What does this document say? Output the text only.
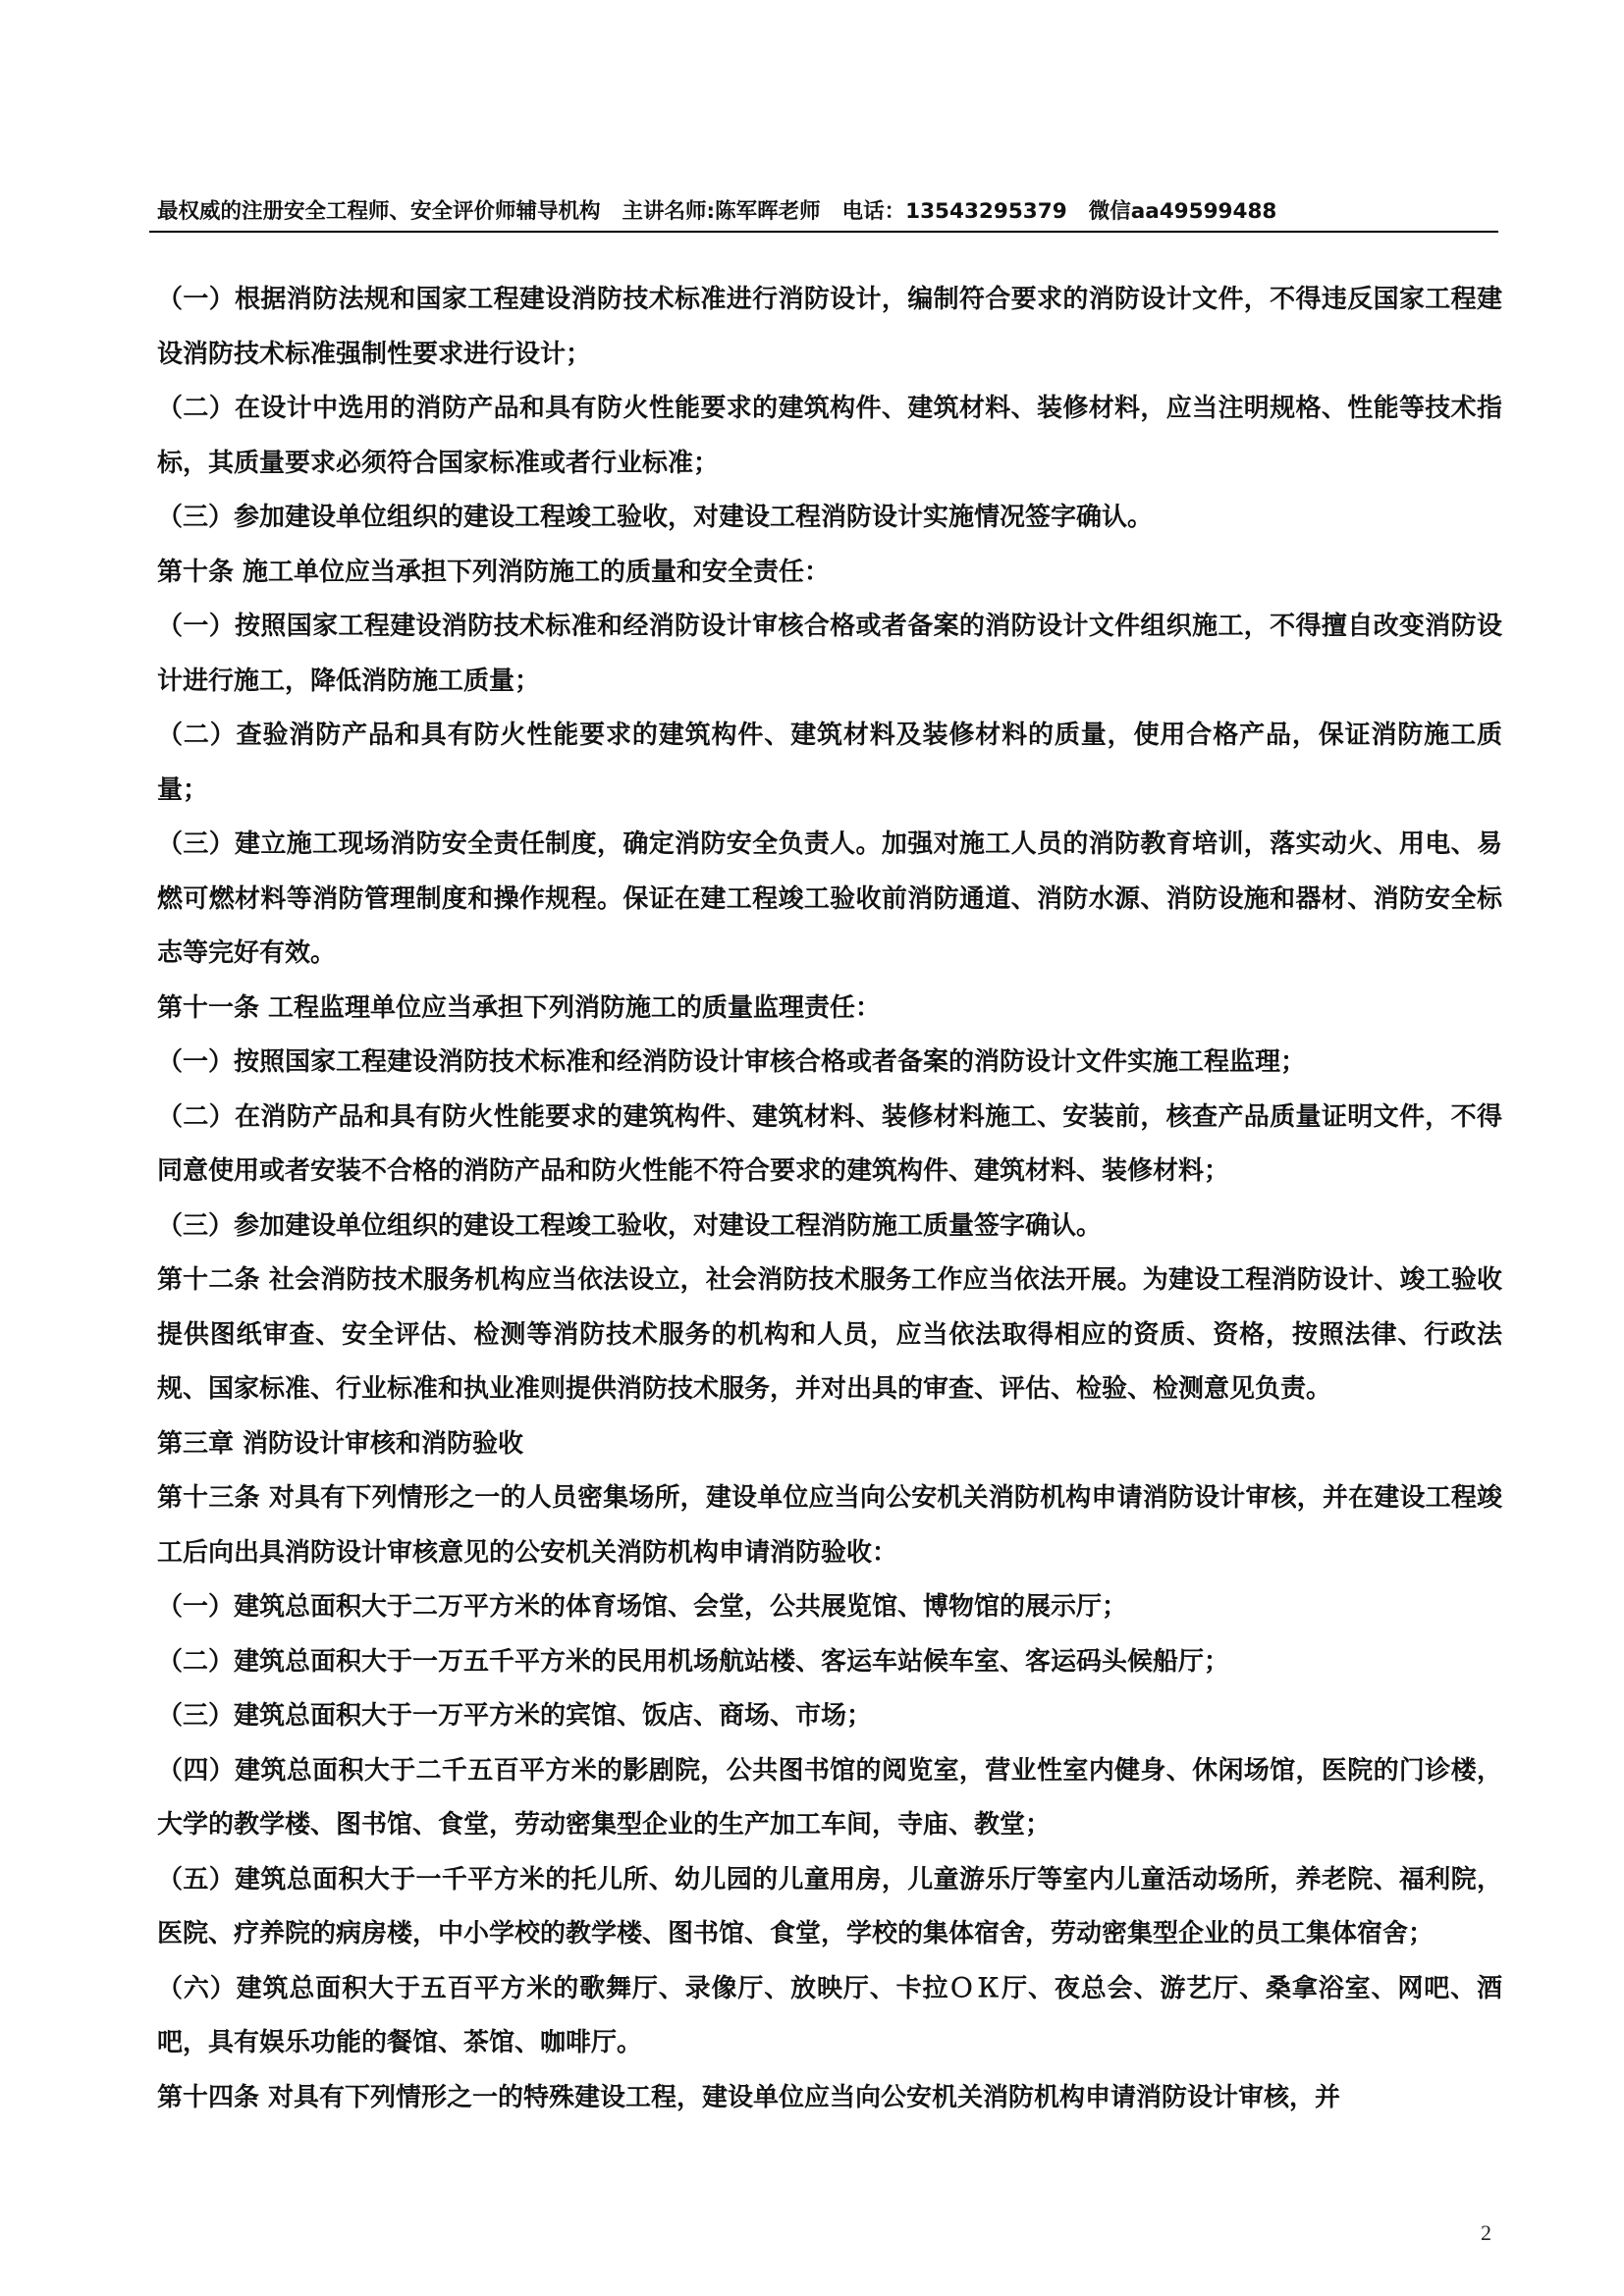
最权威的注册安全工程师、安全评价师辅导机构 主讲名师:陈军晖老师 电话：13543295379 微信aa49599488

（一）根据消防法规和国家工程建设消防技术标准进行消防设计，编制符合要求的消防设计文件，不得违反国家工程建设消防技术标准强制性要求进行设计；

（二）在设计中选用的消防产品和具有防火性能要求的建筑构件、建筑材料、装修材料，应当注明规格、性能等技术指标，其质量要求必须符合国家标准或者行业标准；

（三）参加建设单位组织的建设工程竣工验收，对建设工程消防设计实施情况签字确认。

第十条 施工单位应当承担下列消防施工的质量和安全责任：

（一）按照国家工程建设消防技术标准和经消防设计审核合格或者备案的消防设计文件组织施工，不得擅自改变消防设计进行施工，降低消防施工质量；

（二）查验消防产品和具有防火性能要求的建筑构件、建筑材料及装修材料的质量，使用合格产品，保证消防施工质量；

（三）建立施工现场消防安全责任制度，确定消防安全负责人。加强对施工人员的消防教育培训，落实动火、用电、易燃可燃材料等消防管理制度和操作规程。保证在建工程竣工验收前消防通道、消防水源、消防设施和器材、消防安全标志等完好有效。

第十一条 工程监理单位应当承担下列消防施工的质量监理责任：

（一）按照国家工程建设消防技术标准和经消防设计审核合格或者备案的消防设计文件实施工程监理；

（二）在消防产品和具有防火性能要求的建筑构件、建筑材料、装修材料施工、安装前，核查产品质量证明文件，不得同意使用或者安装不合格的消防产品和防火性能不符合要求的建筑构件、建筑材料、装修材料；

（三）参加建设单位组织的建设工程竣工验收，对建设工程消防施工质量签字确认。

第十二条 社会消防技术服务机构应当依法设立，社会消防技术服务工作应当依法开展。为建设工程消防设计、竣工验收提供图纸审查、安全评估、检测等消防技术服务的机构和人员，应当依法取得相应的资质、资格，按照法律、行政法规、国家标准、行业标准和执业准则提供消防技术服务，并对出具的审查、评估、检验、检测意见负责。

第三章 消防设计审核和消防验收

第十三条 对具有下列情形之一的人员密集场所，建设单位应当向公安机关消防机构申请消防设计审核，并在建设工程竣工后向出具消防设计审核意见的公安机关消防机构申请消防验收：

（一）建筑总面积大于二万平方米的体育场馆、会堂，公共展览馆、博物馆的展示厅；

（二）建筑总面积大于一万五千平方米的民用机场航站楼、客运车站候车室、客运码头候船厅；

（三）建筑总面积大于一万平方米的宾馆、饭店、商场、市场；

（四）建筑总面积大于二千五百平方米的影剧院，公共图书馆的阅览室，营业性室内健身、休闲场馆，医院的门诊楼，大学的教学楼、图书馆、食堂，劳动密集型企业的生产加工车间，寺庙、教堂；

（五）建筑总面积大于一千平方米的托儿所、幼儿园的儿童用房，儿童游乐厅等室内儿童活动场所，养老院、福利院，医院、疗养院的病房楼，中小学校的教学楼、图书馆、食堂，学校的集体宿舍，劳动密集型企业的员工集体宿舍；

（六）建筑总面积大于五百平方米的歌舞厅、录像厅、放映厅、卡拉ＯＫ厅、夜总会、游艺厅、桑拿浴室、网吧、酒吧，具有娱乐功能的餐馆、茶馆、咖啡厅。

第十四条 对具有下列情形之一的特殊建设工程，建设单位应当向公安机关消防机构申请消防设计审核，并

2
